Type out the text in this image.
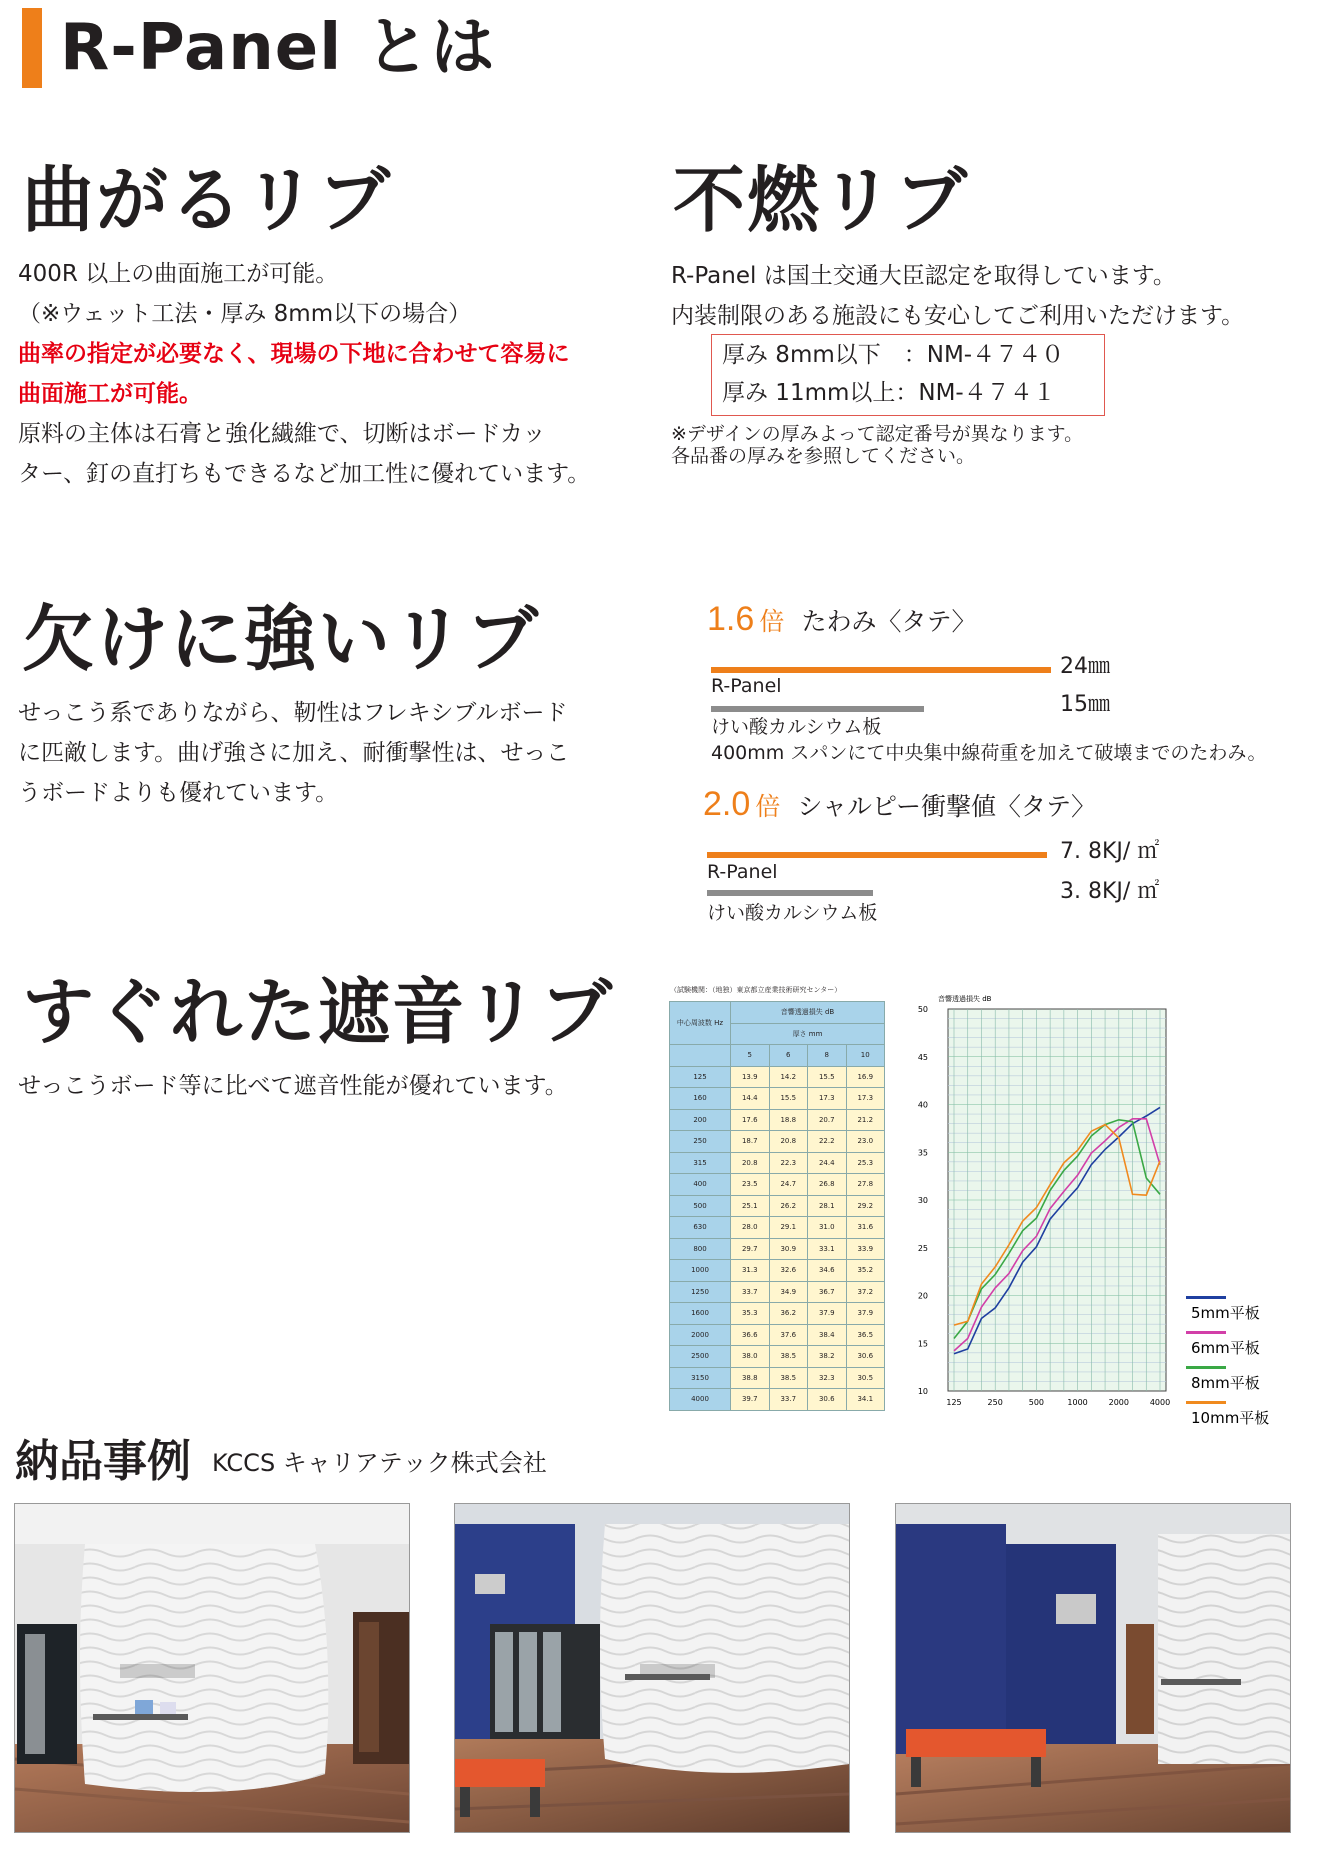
R-Panel とは
曲がるリブ
400R 以上の曲面施工が可能。
（※ウェット工法・厚み 8mm以下の場合）
曲率の指定が必要なく、現場の下地に合わせて容易に
曲面施工が可能。
原料の主体は石膏と強化繊維で、切断はボードカッ
ター、釘の直打ちもできるなど加工性に優れています。
不燃リブ
R-Panel は国土交通大臣認定を取得しています。
内装制限のある施設にも安心してご利用いただけます。
厚み 8mm以下　：NM-４７４０
厚み 11mm以上：NM-４７４１
※デザインの厚みよって認定番号が異なります。
各品番の厚みを参照してください。
欠けに強いリブ
せっこう系でありながら、靭性はフレキシブルボード
に匹敵します。曲げ強さに加え、耐衝撃性は、せっこ
うボードよりも優れています。
1.6 倍 たわみ〈タテ〉
24㎜
R-Panel
15㎜
けい酸カルシウム板
400mm スパンにて中央集中線荷重を加えて破壊までのたわみ。
2.0 倍 シャルピー衝撃値〈タテ〉
7. 8KJ/ ㎡
R-Panel
3. 8KJ/ ㎡
けい酸カルシウム板
すぐれた遮音リブ
せっこうボード等に比べて遮音性能が優れています。
（試験機関：（地独）東京都立産業技術研究センター）
中心周波数 Hz	音響透過損失 dB			
	厚さ mm			
	5	6	8	10
125	13.9	14.2	15.5	16.9
160	14.4	15.5	17.3	17.3
200	17.6	18.8	20.7	21.2
250	18.7	20.8	22.2	23.0
315	20.8	22.3	24.4	25.3
400	23.5	24.7	26.8	27.8
500	25.1	26.2	28.1	29.2
630	28.0	29.1	31.0	31.6
800	29.7	30.9	33.1	33.9
1000	31.3	32.6	34.6	35.2
1250	33.7	34.9	36.7	37.2
1600	35.3	36.2	37.9	37.9
2000	36.6	37.6	38.4	36.5
2500	38.0	38.5	38.2	30.6
3150	38.8	38.5	32.3	30.5
4000	39.7	33.7	30.6	34.1
音響透過損失 dB
50
45
40
35
30
25
20
15
10
125	250	500	1000	2000	4000
5mm平板
6mm平板
8mm平板
10mm平板
納品事例 KCCS キャリアテック株式会社
